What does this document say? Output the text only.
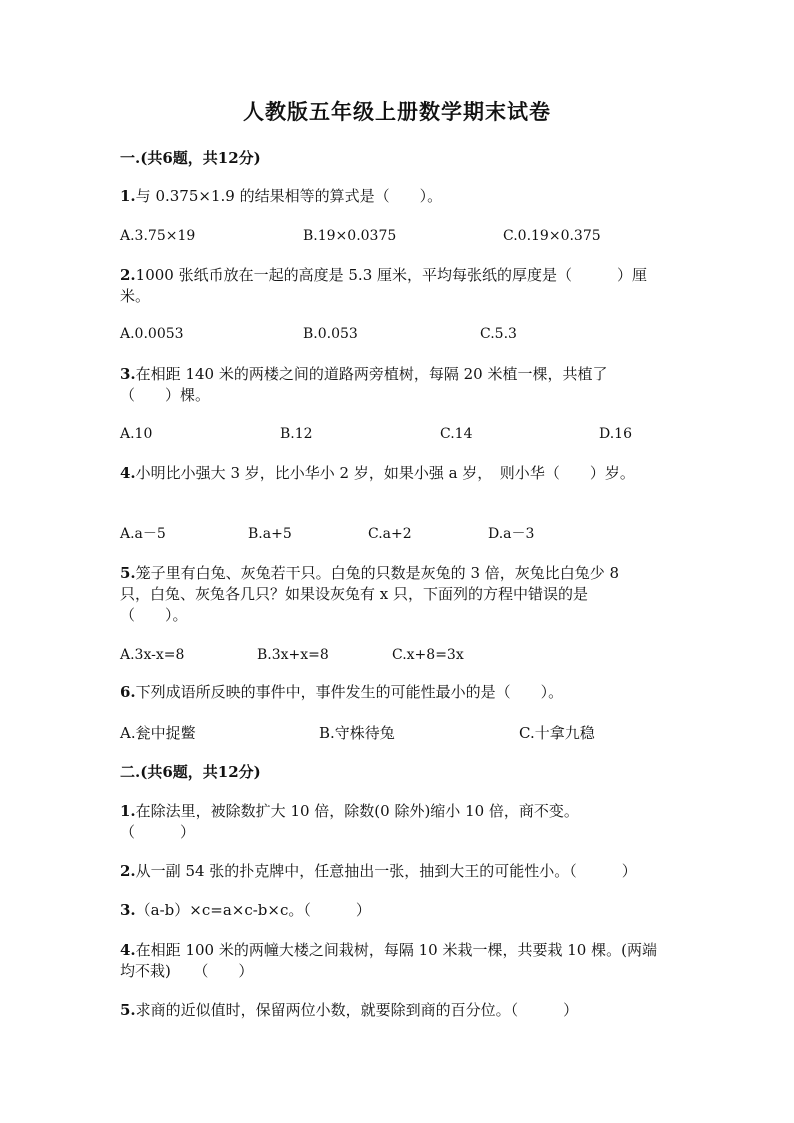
人教版五年级上册数学期末试卷
一.(共6题，共12分)
1.与 0.375×1.9 的结果相等的算式是（　　）。
A.3.75×19	B.19×0.0375	C.0.19×0.375
2.1000 张纸币放在一起的高度是 5.3 厘米，平均每张纸的厚度是（　　　）厘
米。
A.0.0053	B.0.053	C.5.3
3.在相距 140 米的两楼之间的道路两旁植树，每隔 20 米植一棵，共植了
（　　）棵。
A.10	B.12	C.14	D.16
4.小明比小强大 3 岁，比小华小 2 岁，如果小强 a 岁，　则小华（　　）岁。
A.a－5	B.a+5	C.a+2	D.a－3
5.笼子里有白兔、灰兔若干只。白兔的只数是灰兔的 3 倍，灰兔比白兔少 8
只，白兔、灰兔各几只？如果设灰兔有 x 只，下面列的方程中错误的是
（　　）。
A.3x-x=8	B.3x+x=8	C.x+8=3x
6.下列成语所反映的事件中，事件发生的可能性最小的是（　　）。
A.瓮中捉鳖	B.守株待兔	C.十拿九稳
二.(共6题，共12分)
1.在除法里，被除数扩大 10 倍，除数(0 除外)缩小 10 倍，商不变。
（　　　）
2.从一副 54 张的扑克牌中，任意抽出一张，抽到大王的可能性小。（　　　）
3.（a-b）×c=a×c-b×c。（　　　）
4.在相距 100 米的两幢大楼之间栽树，每隔 10 米栽一棵，共要栽 10 棵。(两端
均不栽)　　（　　）
5.求商的近似值时，保留两位小数，就要除到商的百分位。（　　　）
